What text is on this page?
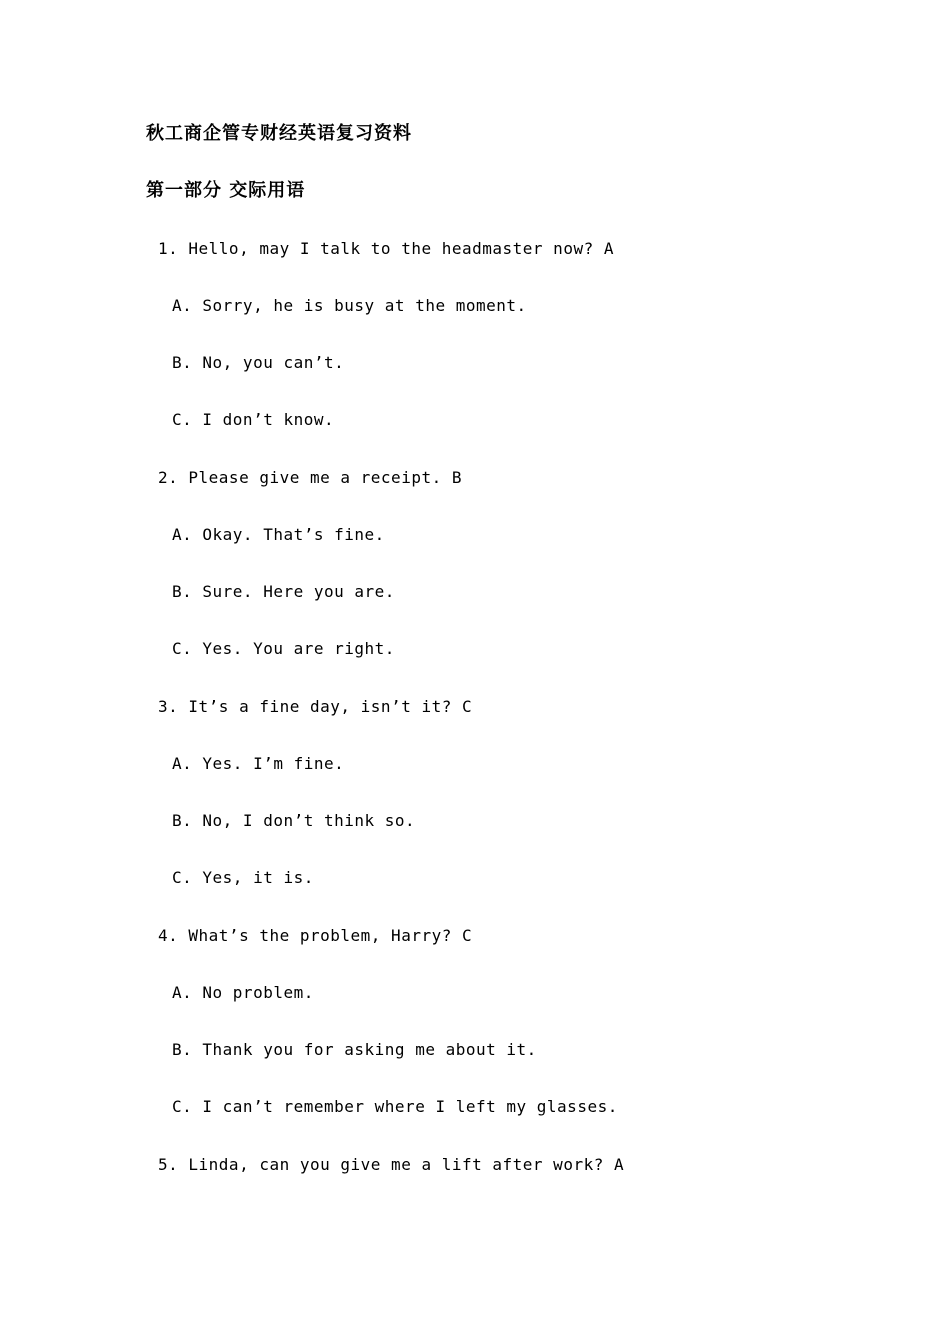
秋工商企管专财经英语复习资料
第一部分 交际用语
1. Hello, may I talk to the headmaster now? A
A. Sorry, he is busy at the moment.
B. No, you can’t.
C. I don’t know.
2. Please give me a receipt. B
A. Okay. That’s fine.
B. Sure. Here you are.
C. Yes. You are right.
3. It’s a fine day, isn’t it? C
A. Yes. I’m fine.
B. No, I don’t think so.
C. Yes, it is.
4. What’s the problem, Harry? C
A. No problem.
B. Thank you for asking me about it.
C. I can’t remember where I left my glasses.
5. Linda, can you give me a lift after work? A
